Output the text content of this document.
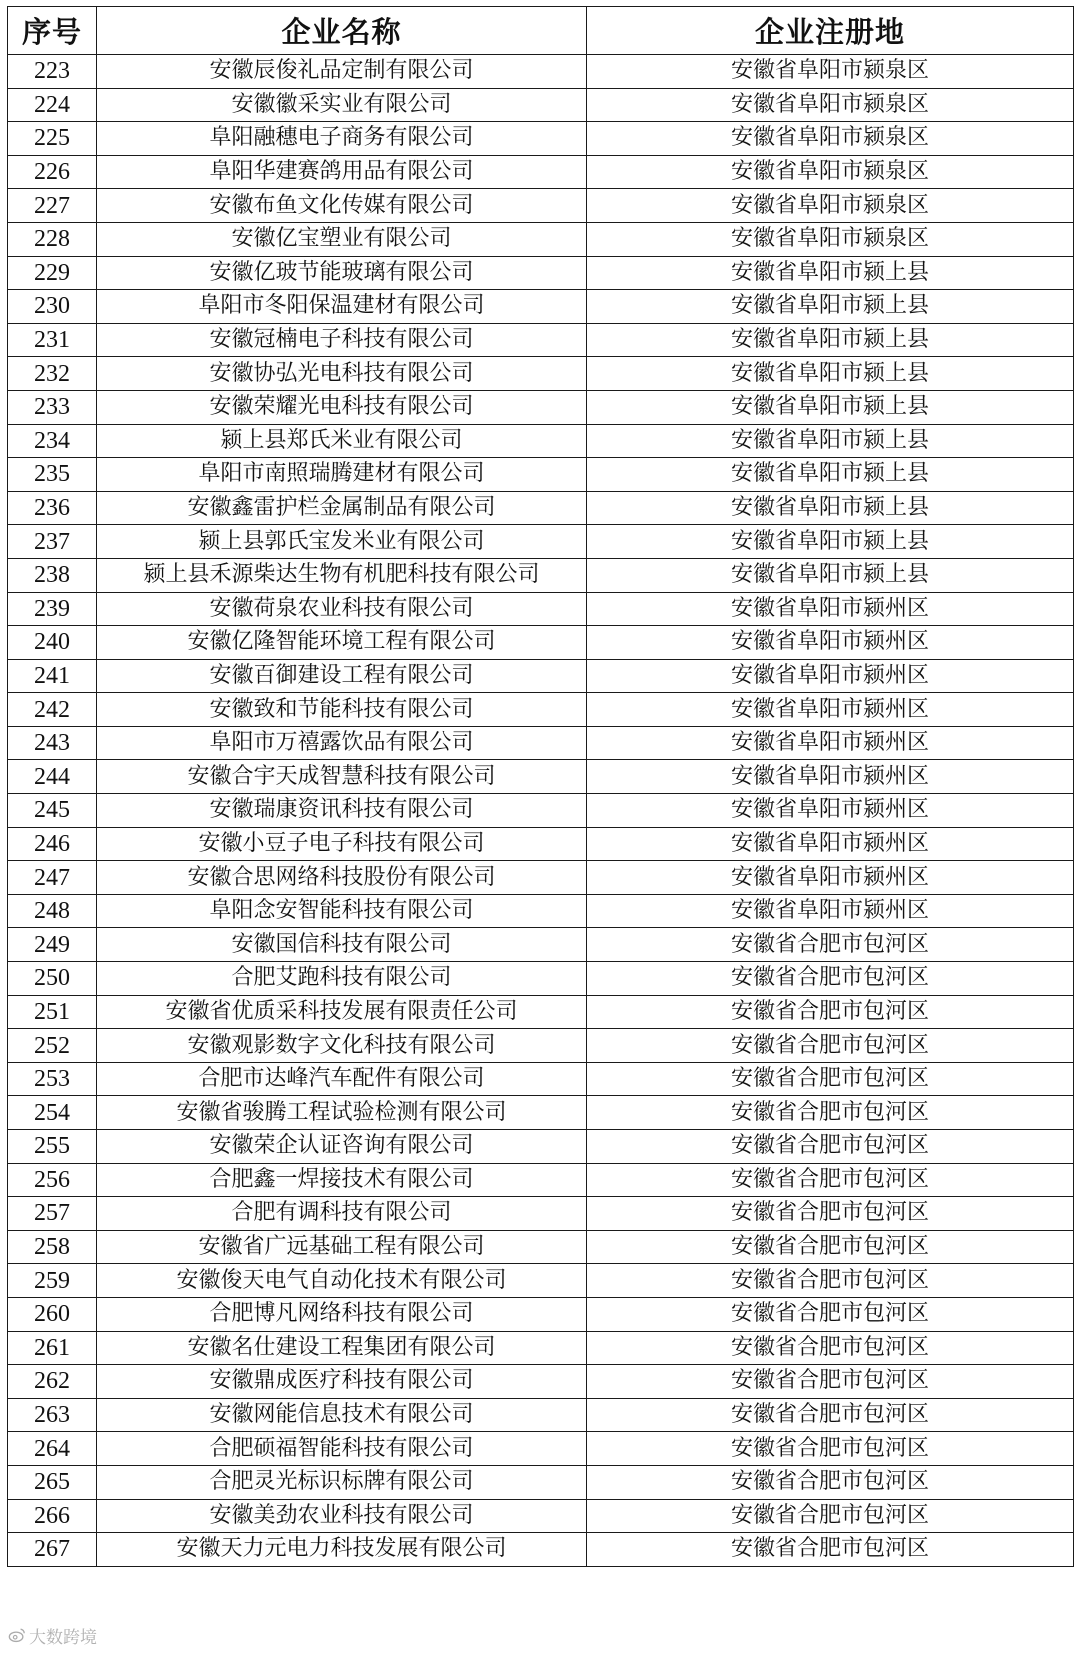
序号	企业名称	企业注册地
223	安徽辰俊礼品定制有限公司	安徽省阜阳市颍泉区
224	安徽徽采实业有限公司	安徽省阜阳市颍泉区
225	阜阳融穗电子商务有限公司	安徽省阜阳市颍泉区
226	阜阳华建赛鸽用品有限公司	安徽省阜阳市颍泉区
227	安徽布鱼文化传媒有限公司	安徽省阜阳市颍泉区
228	安徽亿宝塑业有限公司	安徽省阜阳市颍泉区
229	安徽亿玻节能玻璃有限公司	安徽省阜阳市颍上县
230	阜阳市冬阳保温建材有限公司	安徽省阜阳市颍上县
231	安徽冠楠电子科技有限公司	安徽省阜阳市颍上县
232	安徽协弘光电科技有限公司	安徽省阜阳市颍上县
233	安徽荣耀光电科技有限公司	安徽省阜阳市颍上县
234	颍上县郑氏米业有限公司	安徽省阜阳市颍上县
235	阜阳市南照瑞腾建材有限公司	安徽省阜阳市颍上县
236	安徽鑫雷护栏金属制品有限公司	安徽省阜阳市颍上县
237	颍上县郭氏宝发米业有限公司	安徽省阜阳市颍上县
238	颍上县禾源柴达生物有机肥科技有限公司	安徽省阜阳市颍上县
239	安徽荷泉农业科技有限公司	安徽省阜阳市颍州区
240	安徽亿隆智能环境工程有限公司	安徽省阜阳市颍州区
241	安徽百御建设工程有限公司	安徽省阜阳市颍州区
242	安徽致和节能科技有限公司	安徽省阜阳市颍州区
243	阜阳市万禧露饮品有限公司	安徽省阜阳市颍州区
244	安徽合宇天成智慧科技有限公司	安徽省阜阳市颍州区
245	安徽瑞康资讯科技有限公司	安徽省阜阳市颍州区
246	安徽小豆子电子科技有限公司	安徽省阜阳市颍州区
247	安徽合思网络科技股份有限公司	安徽省阜阳市颍州区
248	阜阳念安智能科技有限公司	安徽省阜阳市颍州区
249	安徽国信科技有限公司	安徽省合肥市包河区
250	合肥艾跑科技有限公司	安徽省合肥市包河区
251	安徽省优质采科技发展有限责任公司	安徽省合肥市包河区
252	安徽观影数字文化科技有限公司	安徽省合肥市包河区
253	合肥市达峰汽车配件有限公司	安徽省合肥市包河区
254	安徽省骏腾工程试验检测有限公司	安徽省合肥市包河区
255	安徽荣企认证咨询有限公司	安徽省合肥市包河区
256	合肥鑫一焊接技术有限公司	安徽省合肥市包河区
257	合肥有调科技有限公司	安徽省合肥市包河区
258	安徽省广远基础工程有限公司	安徽省合肥市包河区
259	安徽俊天电气自动化技术有限公司	安徽省合肥市包河区
260	合肥博凡网络科技有限公司	安徽省合肥市包河区
261	安徽名仕建设工程集团有限公司	安徽省合肥市包河区
262	安徽鼎成医疗科技有限公司	安徽省合肥市包河区
263	安徽网能信息技术有限公司	安徽省合肥市包河区
264	合肥硕福智能科技有限公司	安徽省合肥市包河区
265	合肥灵光标识标牌有限公司	安徽省合肥市包河区
266	安徽美劲农业科技有限公司	安徽省合肥市包河区
267	安徽天力元电力科技发展有限公司	安徽省合肥市包河区
大数跨境
